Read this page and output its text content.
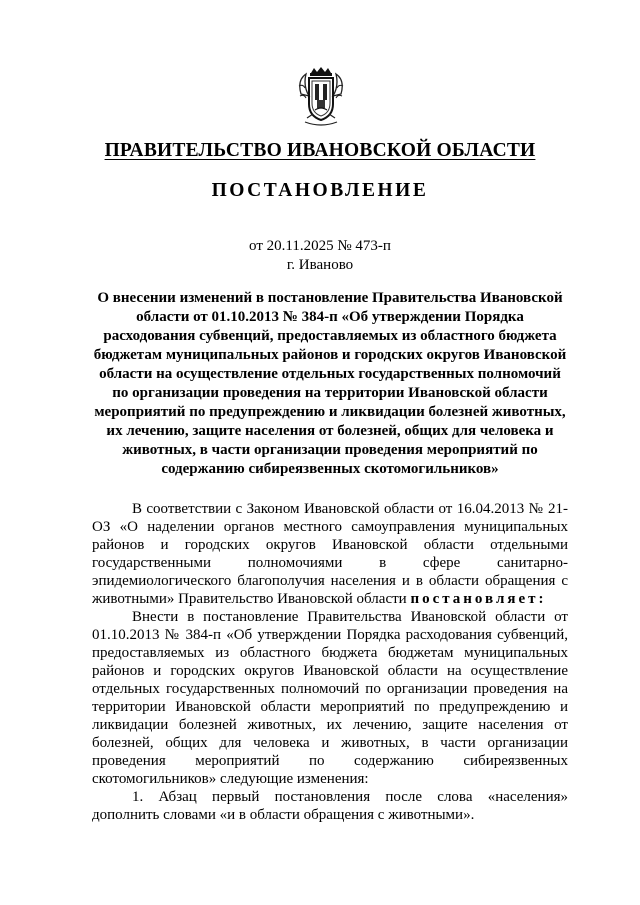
ПРАВИТЕЛЬСТВО ИВАНОВСКОЙ ОБЛАСТИ
ПОСТАНОВЛЕНИЕ
от 20.11.2025 № 473-п
г. Иваново

О внесении изменений в постановление Правительства Ивановской области от 01.10.2013 № 384-п «Об утверждении Порядка расходования субвенций, предоставляемых из областного бюджета бюджетам муниципальных районов и городских округов Ивановской области на осуществление отдельных государственных полномочий по организации проведения на территории Ивановской области мероприятий по предупреждению и ликвидации болезней животных, их лечению, защите населения от болезней, общих для человека и животных, в части организации проведения мероприятий по содержанию сибиреязвенных скотомогильников»

В соответствии с Законом Ивановской области от 16.04.2013 № 21-ОЗ «О наделении органов местного самоуправления муниципальных районов и городских округов Ивановской области отдельными государственными полномочиями в сфере санитарно-эпидемиологического благополучия населения и в области обращения с животными» Правительство Ивановской области постановляет:

Внести в постановление Правительства Ивановской области от 01.10.2013 № 384-п «Об утверждении Порядка расходования субвенций, предоставляемых из областного бюджета бюджетам муниципальных районов и городских округов Ивановской области на осуществление отдельных государственных полномочий по организации проведения на территории Ивановской области мероприятий по предупреждению и ликвидации болезней животных, их лечению, защите населения от болезней, общих для человека и животных, в части организации проведения мероприятий по содержанию сибиреязвенных скотомогильников» следующие изменения:

1. Абзац первый постановления после слова «населения» дополнить словами «и в области обращения с животными».
